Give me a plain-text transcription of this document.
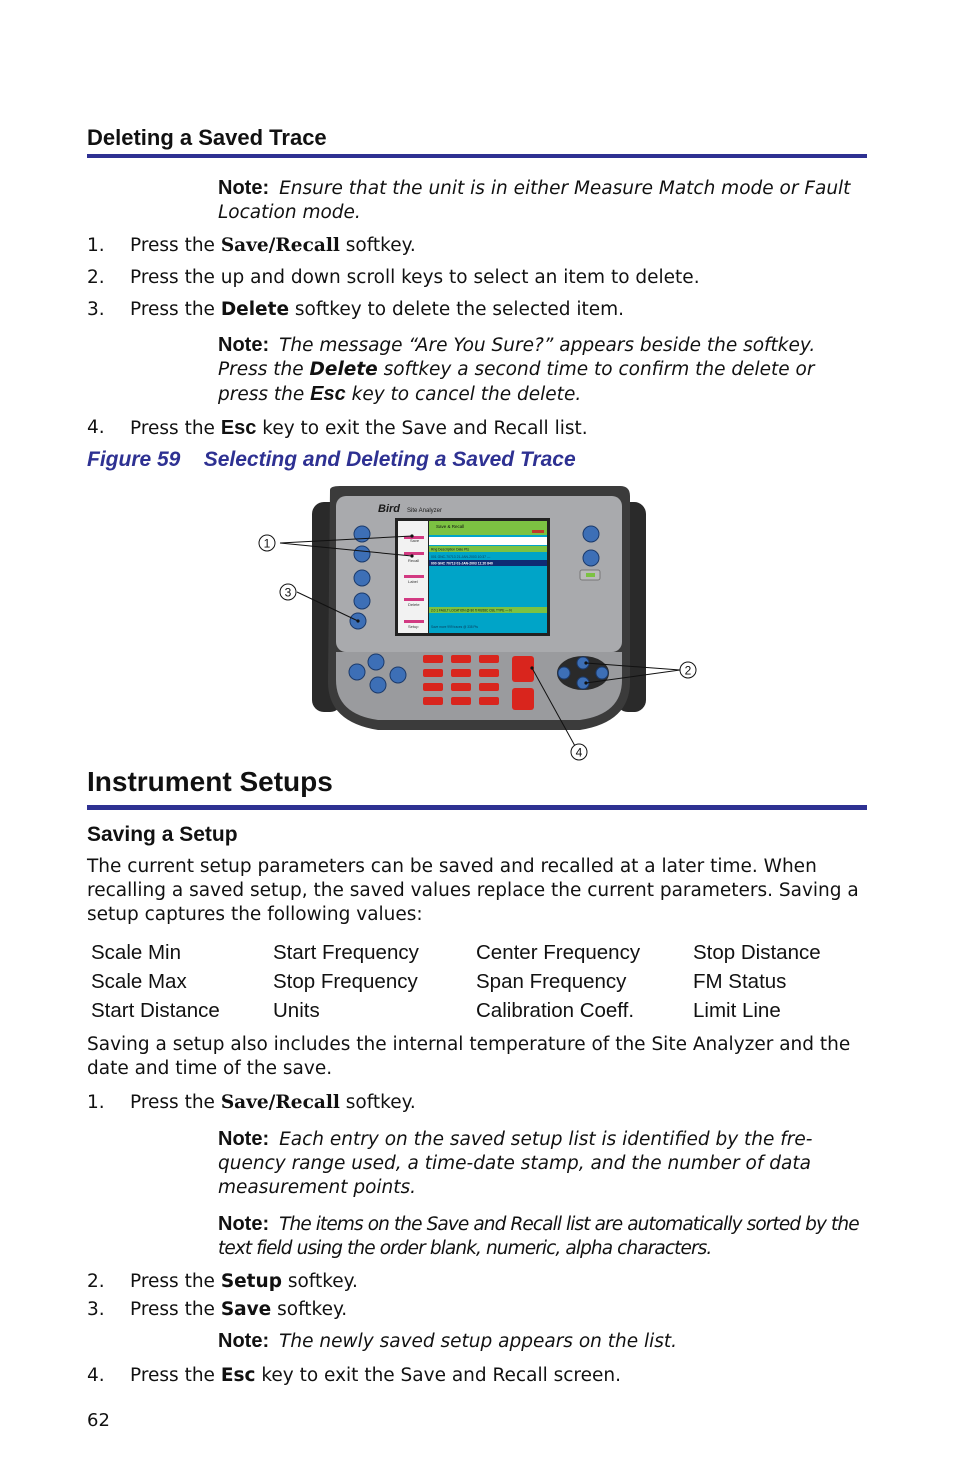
Deleting a Saved Trace
Note: Ensure that the unit is in either Measure Match mode or Fault Location mode.
1. Press the Save/Recall softkey.
2. Press the up and down scroll keys to select an item to delete.
3. Press the Delete softkey to delete the selected item.
Note: The message “Are You Sure?” appears beside the softkey. Press the Delete softkey a second time to confirm the delete or press the Esc key to cancel the delete.
4. Press the Esc key to exit the Save and Recall list.
Figure 59    Selecting and Deleting a Saved Trace
Bird Site Analyzer
Save
Recall
Label
Delete
Setup
Save & Recall
Rng Description Date Pts
001 GNC-70713 21-JAN-2003 10:37 ---
000 GNC 70713 01-JAN-2003 11:20 840
2.0 1 FAULT LOCATION @ 80 ft RG58C CBL TYPE — N
Save more 999 traces @ 338 Pts
1
2
3
4
Instrument Setups
Saving a Setup
The current setup parameters can be saved and recalled at a later time. When recalling a saved setup, the saved values replace the current parameters. Saving a setup captures the following values:
Scale Min	Start Frequency	Center Frequency	Stop Distance
Scale Max	Stop Frequency	Span Frequency	FM Status
Start Distance	Units	Calibration Coeff.	Limit Line
Saving a setup also includes the internal temperature of the Site Analyzer and the date and time of the save.
1. Press the Save/Recall softkey.
Note: Each entry on the saved setup list is identified by the fre-quency range used, a time-date stamp, and the number of data measurement points.
Note: The items on the Save and Recall list are automatically sorted by the text field using the order blank, numeric, alpha characters.
2. Press the Setup softkey.
3. Press the Save softkey.
Note: The newly saved setup appears on the list.
4. Press the Esc key to exit the Save and Recall screen.
62
